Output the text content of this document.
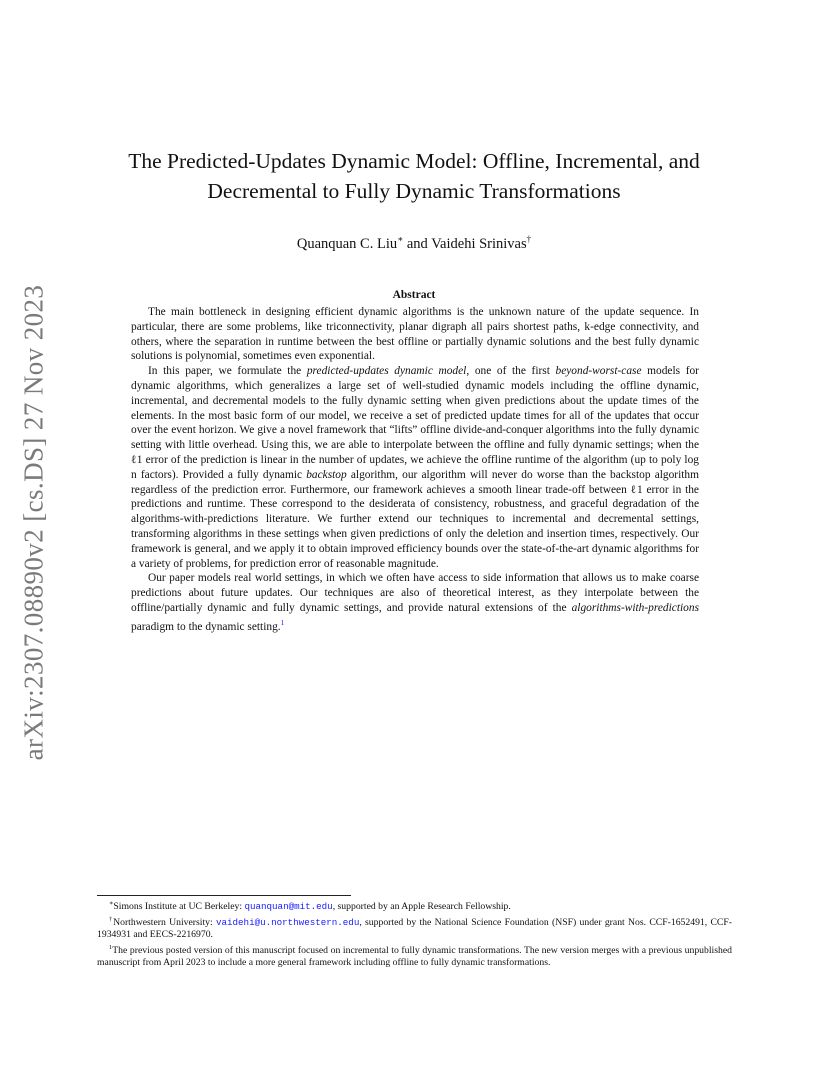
arXiv:2307.08890v2 [cs.DS] 27 Nov 2023
The Predicted-Updates Dynamic Model: Offline, Incremental, and Decremental to Fully Dynamic Transformations
Quanquan C. Liu∗ and Vaidehi Srinivas†
Abstract

The main bottleneck in designing efficient dynamic algorithms is the unknown nature of the update sequence. In particular, there are some problems, like triconnectivity, planar digraph all pairs shortest paths, k-edge connectivity, and others, where the separation in runtime between the best offline or partially dynamic solutions and the best fully dynamic solutions is polynomial, sometimes even exponential.

In this paper, we formulate the predicted-updates dynamic model, one of the first beyond-worst-case models for dynamic algorithms, which generalizes a large set of well-studied dynamic models including the offline dynamic, incremental, and decremental models to the fully dynamic setting when given predictions about the update times of the elements. In the most basic form of our model, we receive a set of predicted update times for all of the updates that occur over the event horizon. We give a novel framework that “lifts” offline divide-and-conquer algorithms into the fully dynamic setting with little overhead. Using this, we are able to interpolate between the offline and fully dynamic settings; when the ℓ1 error of the prediction is linear in the number of updates, we achieve the offline runtime of the algorithm (up to poly log n factors). Provided a fully dynamic backstop algorithm, our algorithm will never do worse than the backstop algorithm regardless of the prediction error. Furthermore, our framework achieves a smooth linear trade-off between ℓ1 error in the predictions and runtime. These correspond to the desiderata of consistency, robustness, and graceful degradation of the algorithms-with-predictions literature. We further extend our techniques to incremental and decremental settings, transforming algorithms in these settings when given predictions of only the deletion and insertion times, respectively. Our framework is general, and we apply it to obtain improved efficiency bounds over the state-of-the-art dynamic algorithms for a variety of problems, for prediction error of reasonable magnitude.

Our paper models real world settings, in which we often have access to side information that allows us to make coarse predictions about future updates. Our techniques are also of theoretical interest, as they interpolate between the offline/partially dynamic and fully dynamic settings, and provide natural extensions of the algorithms-with-predictions paradigm to the dynamic setting.$^1$

∗Simons Institute at UC Berkeley: quanquan@mit.edu, supported by an Apple Research Fellowship.

†Northwestern University: vaidehi@u.northwestern.edu, supported by the National Science Foundation (NSF) under grant Nos. CCF-1652491, CCF-1934931 and EECS-2216970.

$^1$The previous posted version of this manuscript focused on incremental to fully dynamic transformations. The new version merges with a previous unpublished manuscript from April 2023 to include a more general framework including offline to fully dynamic transformations.
